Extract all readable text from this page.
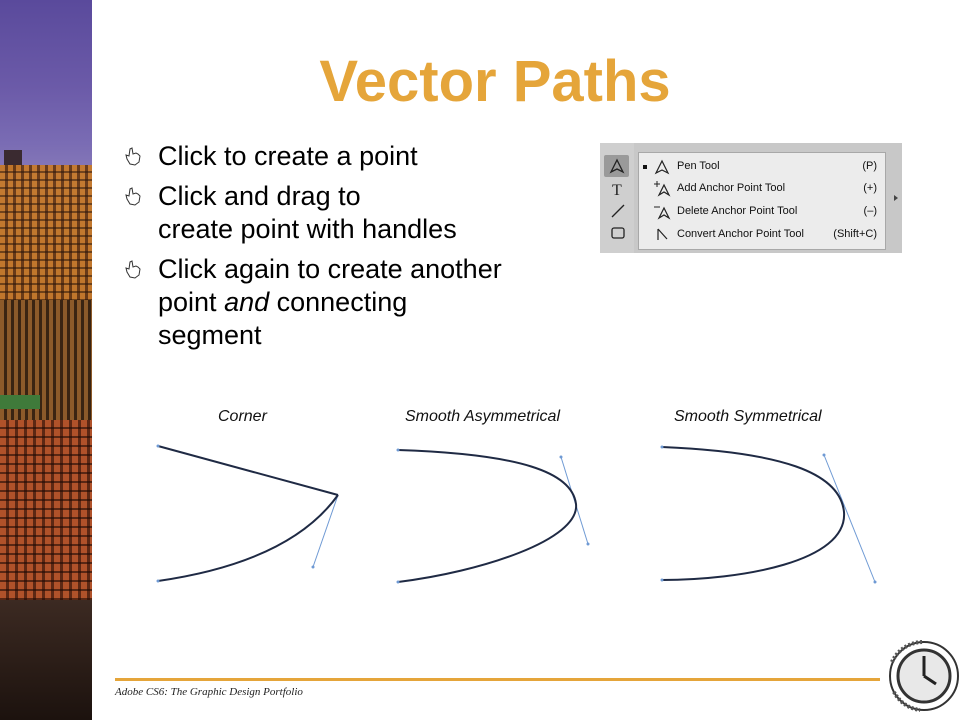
Vector Paths
Click to create a point
Click and drag to
create point with handles
Click again to create another
point and connecting
segment
T
Pen Tool	(P)
Add Anchor Point Tool	(+)
Delete Anchor Point Tool	(–)
Convert Anchor Point Tool	(Shift+C)
Corner	Smooth Asymmetrical	Smooth Symmetrical
Adobe CS6: The Graphic Design Portfolio
